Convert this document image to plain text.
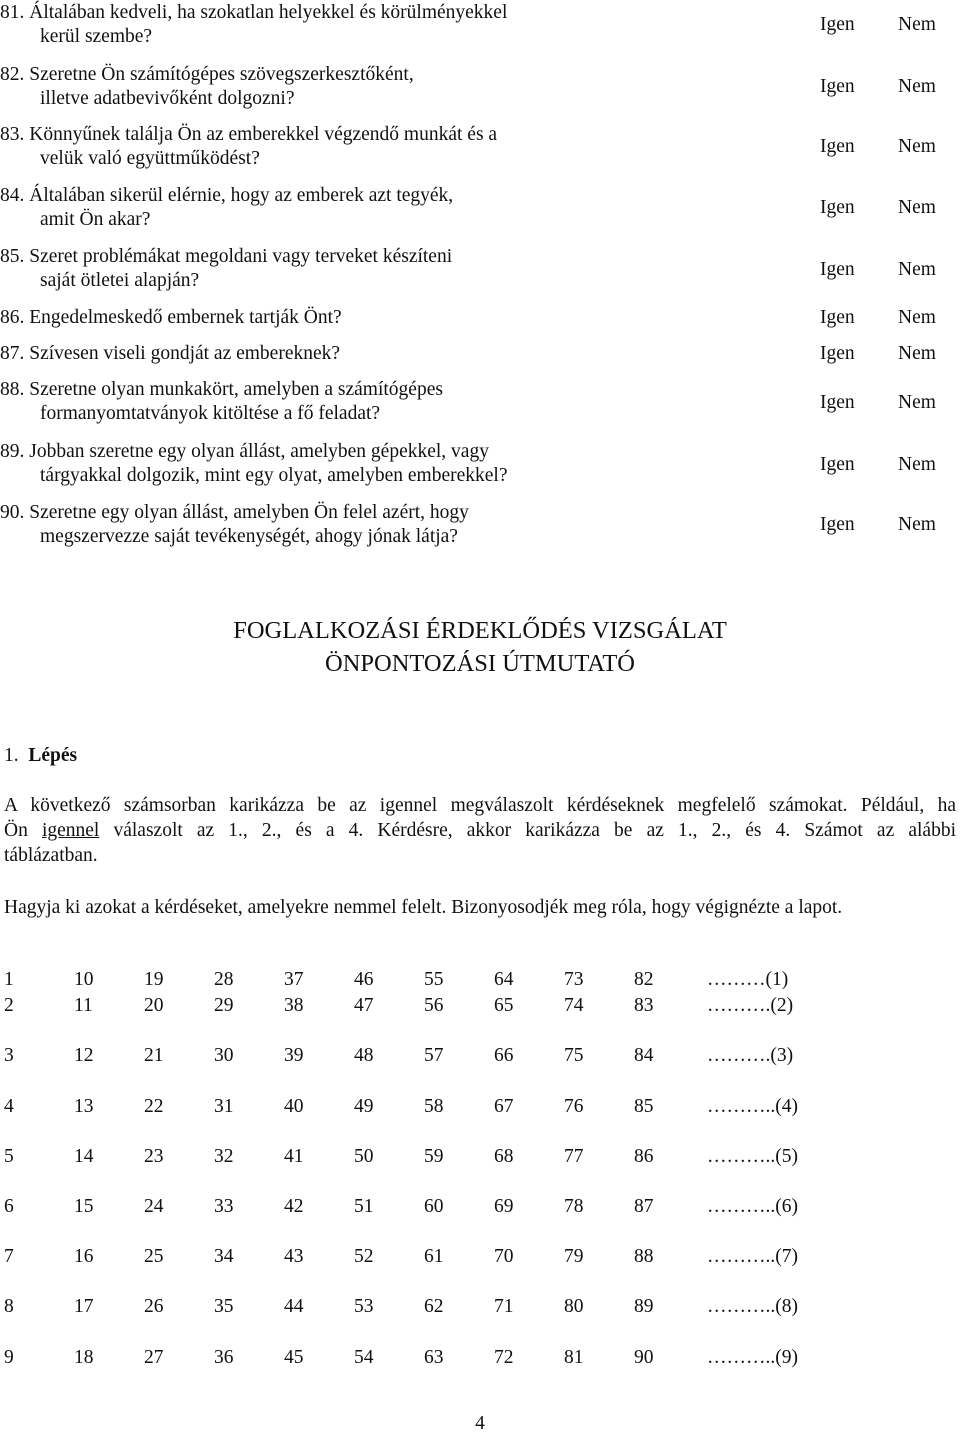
81. Általában kedveli, ha szokatlan helyekkel és körülményekkel
kerül szembe?
Igen Nem
82. Szeretne Ön számítógépes szövegszerkesztőként,
illetve adatbevivőként dolgozni?
Igen Nem
83. Könnyűnek találja Ön az emberekkel végzendő munkát és a
velük való együttműködést?
Igen Nem
84. Általában sikerül elérnie, hogy az emberek azt tegyék,
amit Ön akar?
Igen Nem
85. Szeret problémákat megoldani vagy terveket készíteni
saját ötletei alapján?
Igen Nem
86. Engedelmeskedő embernek tartják Önt?	Igen Nem
87. Szívesen viseli gondját az embereknek?	Igen Nem
88. Szeretne olyan munkakört, amelyben a számítógépes
formanyomtatványok kitöltése a fő feladat?
Igen Nem
89. Jobban szeretne egy olyan állást, amelyben gépekkel, vagy
tárgyakkal dolgozik, mint egy olyat, amelyben emberekkel?
Igen Nem
90. Szeretne egy olyan állást, amelyben Ön felel azért, hogy
megszervezze saját tevékenységét, ahogy jónak látja?
Igen Nem
FOGLALKOZÁSI ÉRDEKLŐDÉS VIZSGÁLAT
ÖNPONTOZÁSI ÚTMUTATÓ
1. Lépés
A következő számsorban karikázza be az igennel megválaszolt kérdéseknek megfelelő számokat. Például, ha
Ön igennel válaszolt az 1., 2., és a 4. Kérdésre, akkor karikázza be az 1., 2., és 4. Számot az alábbi
táblázatban.
Hagyja ki azokat a kérdéseket, amelyekre nemmel felelt. Bizonyosodjék meg róla, hogy végignézte a lapot.
1	10	19	28	37	46	55	64	73	82	………(1)
2	11	20	29	38	47	56	65	74	83	……….(2)
3	12	21	30	39	48	57	66	75	84	……….(3)
4	13	22	31	40	49	58	67	76	85	………..(4)
5	14	23	32	41	50	59	68	77	86	………..(5)
6	15	24	33	42	51	60	69	78	87	………..(6)
7	16	25	34	43	52	61	70	79	88	………..(7)
8	17	26	35	44	53	62	71	80	89	………..(8)
9	18	27	36	45	54	63	72	81	90	………..(9)
4
